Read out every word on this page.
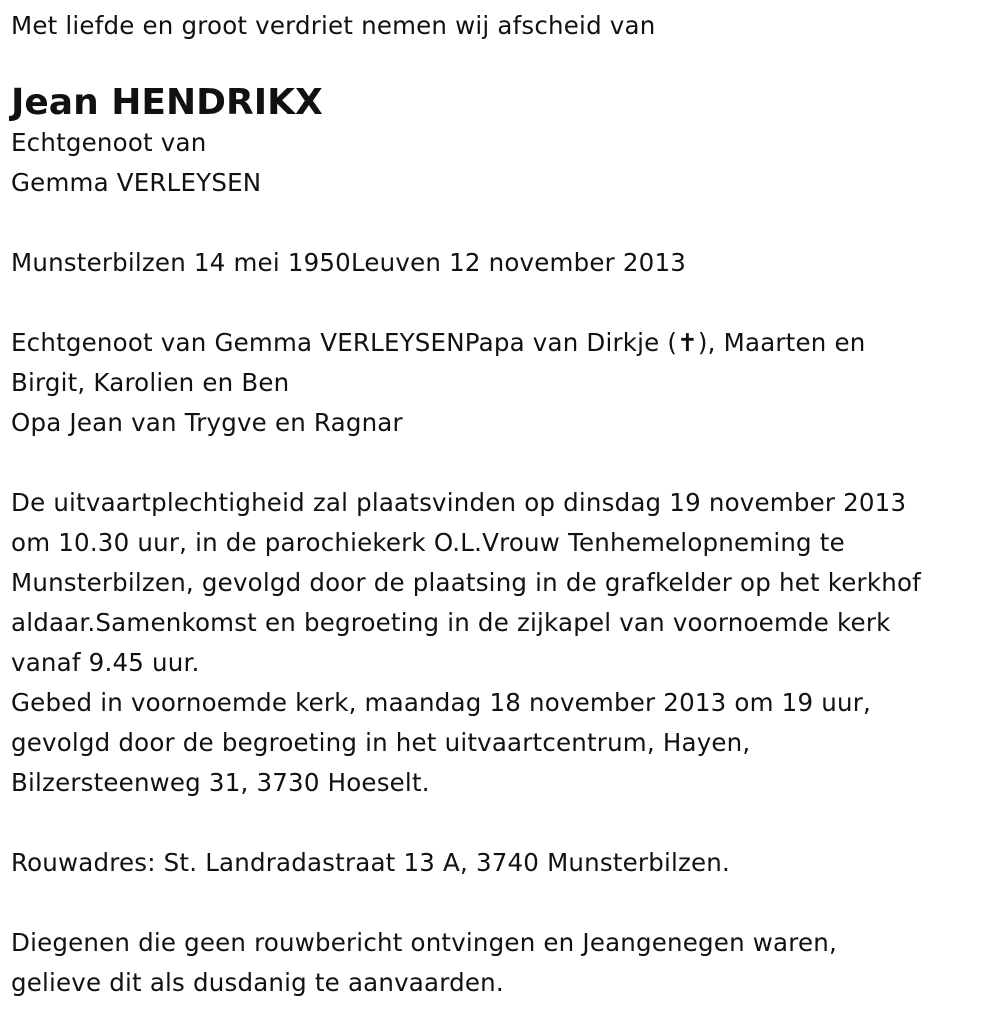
Met liefde en groot verdriet nemen wij afscheid van

Jean HENDRIKX

Echtgenoot van

Gemma VERLEYSEN

Munsterbilzen 14 mei 1950Leuven 12 november 2013

Echtgenoot van Gemma VERLEYSENPapa van Dirkje (✝), Maarten en

Birgit, Karolien en Ben

Opa Jean van Trygve en Ragnar

De uitvaartplechtigheid zal plaatsvinden op dinsdag 19 november 2013

om 10.30 uur, in de parochiekerk O.L.Vrouw Tenhemelopneming te

Munsterbilzen, gevolgd door de plaatsing in de grafkelder op het kerkhof

aldaar.Samenkomst en begroeting in de zijkapel van voornoemde kerk

vanaf 9.45 uur.

Gebed in voornoemde kerk, maandag 18 november 2013 om 19 uur,

gevolgd door de begroeting in het uitvaartcentrum, Hayen,

Bilzersteenweg 31, 3730 Hoeselt.

Rouwadres: St. Landradastraat 13 A, 3740 Munsterbilzen.

Diegenen die geen rouwbericht ontvingen en Jeangenegen waren,

gelieve dit als dusdanig te aanvaarden.
